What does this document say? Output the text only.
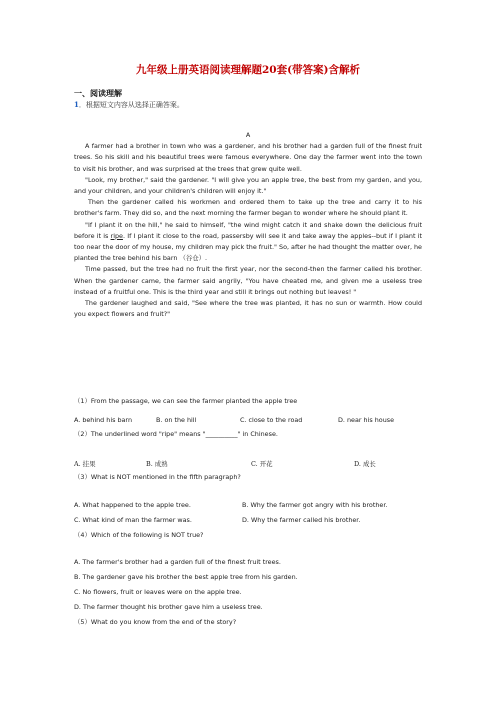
九年级上册英语阅读理解题20套(带答案)含解析
一、阅读理解
1．根据短文内容从选择正确答案。
A

A farmer had a brother in town who was a gardener, and his brother had a garden full of the finest fruit trees. So his skill and his beautiful trees were famous everywhere. One day the farmer went into the town to visit his brother, and was surprised at the trees that grew quite well.

"Look, my brother," said the gardener. "I will give you an apple tree, the best from my garden, and you, and your children, and your children's children will enjoy it."

Then the gardener called his workmen and ordered them to take up the tree and carry it to his brother's farm. They did so, and the next morning the farmer began to wonder where he should plant it.

"If I plant it on the hill," he said to himself, "the wind might catch it and shake down the delicious fruit before it is ripe. If I plant it close to the road, passersby will see it and take away the apples--but if I plant it too near the door of my house, my children may pick the fruit." So, after he had thought the matter over, he planted the tree behind his barn （谷仓）.

Time passed, but the tree had no fruit the first year, nor the second-then the farmer called his brother. When the gardener came, the farmer said angrily, "You have cheated me, and given me a useless tree instead of a fruitful one. This is the third year and still it brings out nothing but leaves! "

The gardener laughed and said, "See where the tree was planted, it has no sun or warmth. How could you expect flowers and fruit?"

（1）From the passage, we can see the farmer planted the apple tree
A. behind his barn	B. on the hill	C. close to the road	D. near his house
（2）The underlined word "ripe" means "__________" in Chinese.
A. 挂果	B. 成熟	C. 开花	D. 成长
（3）What is NOT mentioned in the fifth paragraph?
A. What happened to the apple tree.	B. Why the farmer got angry with his brother.
C. What kind of man the farmer was.	D. Why the farmer called his brother.
（4）Which of the following is NOT true?
A. The farmer's brother had a garden full of the finest fruit trees.
B. The gardener gave his brother the best apple tree from his garden.
C. No flowers, fruit or leaves were on the apple tree.
D. The farmer thought his brother gave him a useless tree.
（5）What do you know from the end of the story?
